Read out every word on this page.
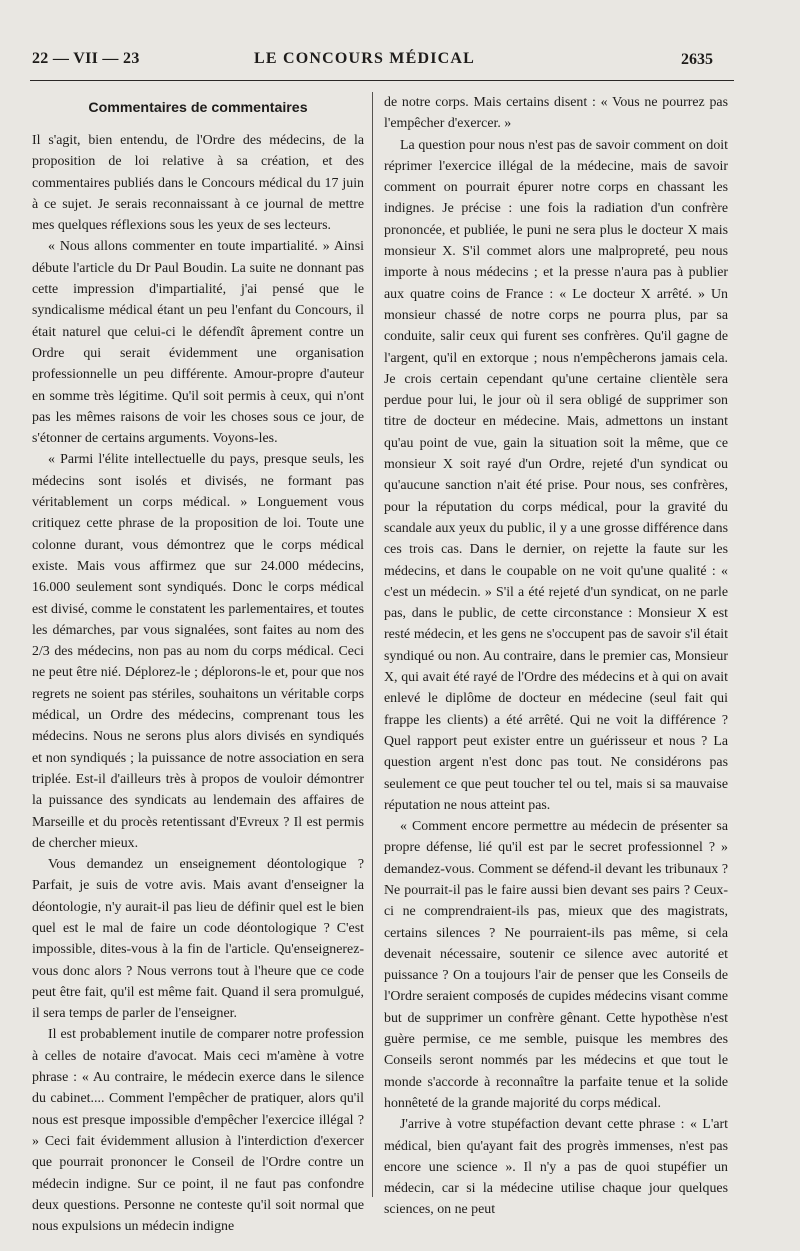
22 — VII — 23	LE CONCOURS MÉDICAL	2635
Commentaires de commentaires

Il s'agit, bien entendu, de l'Ordre des médecins, de la proposition de loi relative à sa création, et des commentaires publiés dans le Concours médical du 17 juin à ce sujet. Je serais reconnaissant à ce journal de mettre mes quelques réflexions sous les yeux de ses lecteurs.

« Nous allons commenter en toute impartialité. » Ainsi débute l'article du Dr Paul Boudin. La suite ne donnant pas cette impression d'impartialité, j'ai pensé que le syndicalisme médical étant un peu l'enfant du Concours, il était naturel que celui-ci le défendît âprement contre un Ordre qui serait évidemment une organisation professionnelle un peu différente. Amour-propre d'auteur en somme très légitime. Qu'il soit permis à ceux, qui n'ont pas les mêmes raisons de voir les choses sous ce jour, de s'étonner de certains arguments. Voyons-les.

« Parmi l'élite intellectuelle du pays, presque seuls, les médecins sont isolés et divisés, ne formant pas véritablement un corps médical. » Longuement vous critiquez cette phrase de la proposition de loi. Toute une colonne durant, vous démontrez que le corps médical existe. Mais vous affirmez que sur 24.000 médecins, 16.000 seulement sont syndiqués. Donc le corps médical est divisé, comme le constatent les parlementaires, et toutes les démarches, par vous signalées, sont faites au nom des 2/3 des médecins, non pas au nom du corps médical. Ceci ne peut être nié. Déplorez-le ; déplorons-le et, pour que nos regrets ne soient pas stériles, souhaitons un véritable corps médical, un Ordre des médecins, comprenant tous les médecins. Nous ne serons plus alors divisés en syndiqués et non syndiqués ; la puissance de notre association en sera triplée. Est-il d'ailleurs très à propos de vouloir démontrer la puissance des syndicats au lendemain des affaires de Marseille et du procès retentissant d'Evreux ? Il est permis de chercher mieux.

Vous demandez un enseignement déontologique ? Parfait, je suis de votre avis. Mais avant d'enseigner la déontologie, n'y aurait-il pas lieu de définir quel est le bien quel est le mal de faire un code déontologique ? C'est impossible, dites-vous à la fin de l'article. Qu'enseignerez-vous donc alors ? Nous verrons tout à l'heure que ce code peut être fait, qu'il est même fait. Quand il sera promulgué, il sera temps de parler de l'enseigner.

Il est probablement inutile de comparer notre profession à celles de notaire d'avocat. Mais ceci m'amène à votre phrase : « Au contraire, le médecin exerce dans le silence du cabinet.... Comment l'empêcher de pratiquer, alors qu'il nous est presque impossible d'empêcher l'exercice illégal ? » Ceci fait évidemment allusion à l'interdiction d'exercer que pourrait prononcer le Conseil de l'Ordre contre un médecin indigne. Sur ce point, il ne faut pas confondre deux questions. Personne ne conteste qu'il soit normal que nous expulsions un médecin indigne

de notre corps. Mais certains disent : « Vous ne pourrez pas l'empêcher d'exercer. »

La question pour nous n'est pas de savoir comment on doit réprimer l'exercice illégal de la médecine, mais de savoir comment on pourrait épurer notre corps en chassant les indignes. Je précise : une fois la radiation d'un confrère prononcée, et publiée, le puni ne sera plus le docteur X mais monsieur X. S'il commet alors une malpropreté, peu nous importe à nous médecins ; et la presse n'aura pas à publier aux quatre coins de France : « Le docteur X arrêté. » Un monsieur chassé de notre corps ne pourra plus, par sa conduite, salir ceux qui furent ses confrères. Qu'il gagne de l'argent, qu'il en extorque ; nous n'empêcherons jamais cela. Je crois certain cependant qu'une certaine clientèle sera perdue pour lui, le jour où il sera obligé de supprimer son titre de docteur en médecine. Mais, admettons un instant qu'au point de vue, gain la situation soit la même, que ce monsieur X soit rayé d'un Ordre, rejeté d'un syndicat ou qu'aucune sanction n'ait été prise. Pour nous, ses confrères, pour la réputation du corps médical, pour la gravité du scandale aux yeux du public, il y a une grosse différence dans ces trois cas. Dans le dernier, on rejette la faute sur les médecins, et dans le coupable on ne voit qu'une qualité : « c'est un médecin. » S'il a été rejeté d'un syndicat, on ne parle pas, dans le public, de cette circonstance : Monsieur X est resté médecin, et les gens ne s'occupent pas de savoir s'il était syndiqué ou non. Au contraire, dans le premier cas, Monsieur X, qui avait été rayé de l'Ordre des médecins et à qui on avait enlevé le diplôme de docteur en médecine (seul fait qui frappe les clients) a été arrêté. Qui ne voit la différence ? Quel rapport peut exister entre un guérisseur et nous ? La question argent n'est donc pas tout. Ne considérons pas seulement ce que peut toucher tel ou tel, mais si sa mauvaise réputation ne nous atteint pas.

« Comment encore permettre au médecin de présenter sa propre défense, lié qu'il est par le secret professionnel ? » demandez-vous. Comment se défend-il devant les tribunaux ? Ne pourrait-il pas le faire aussi bien devant ses pairs ? Ceux-ci ne comprendraient-ils pas, mieux que des magistrats, certains silences ? Ne pourraient-ils pas même, si cela devenait nécessaire, soutenir ce silence avec autorité et puissance ? On a toujours l'air de penser que les Conseils de l'Ordre seraient composés de cupides médecins visant comme but de supprimer un confrère gênant. Cette hypothèse n'est guère permise, ce me semble, puisque les membres des Conseils seront nommés par les médecins et que tout le monde s'accorde à reconnaître la parfaite tenue et la solide honnêteté de la grande majorité du corps médical.

J'arrive à votre stupéfaction devant cette phrase : « L'art médical, bien qu'ayant fait des progrès immenses, n'est pas encore une science ». Il n'y a pas de quoi stupéfier un médecin, car si la médecine utilise chaque jour quelques sciences, on ne peut
